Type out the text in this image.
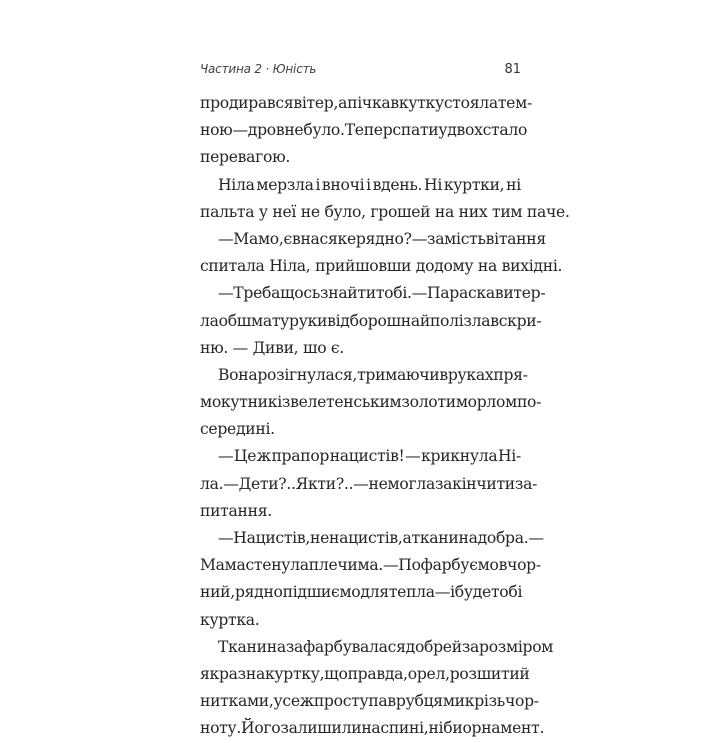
Частина 2 · Юність	81
продирався вітер, а пічка в кутку стояла тем-
ною — дров не було. Тепер спати удвох стало
перевагою.
Ніла мерзла і вночі і вдень. Ні куртки, ні
пальта у неї не було, грошей на них тим паче.
— Мамо, є в нас яке рядно? — замість вітання
спитала Ніла, прийшовши додому на вихідні.
— Треба щось знайти тобі. — Параска витер-
ла об шмату руки від борошна й полізла в скри-
ню. — Диви, шо є.
Вона розігнулася, тримаючи в руках пря-
мокутник із велетенським золотим орлом по-
середині.
— Це ж прапор нацистів! — крикнула Ні-
ла. — Де ти?.. Як ти?.. — не могла закінчити за-
питання.
— Нацистів, не нацистів, а тканина добра. —
Мама стенула плечима. — Пофарбуємо в чор-
ний, рядно підшиємо для тепла — і буде тобі
куртка.
Тканина зафарбувалася добре й за розміром
якраз на куртку, щоправда, орел, розшитий
нитками, усе ж проступав рубцями крізь чор-
ноту. Його залишили на спині, ніби орнамент.
